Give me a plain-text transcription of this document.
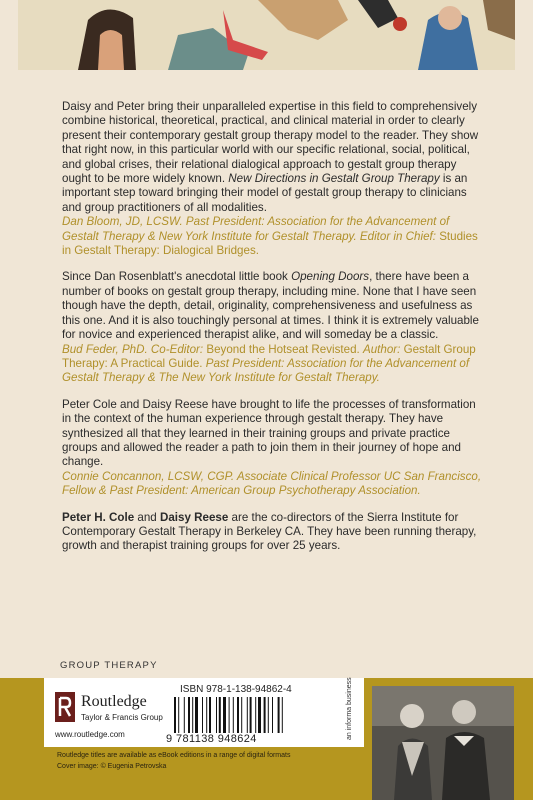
Daisy and Peter bring their unparalleled expertise in this field to comprehensively combine historical, theoretical, practical, and clinical material in order to clearly present their contemporary gestalt group therapy model to the reader. They show that right now, in this particular world with our specific relational, social, political, and global crises, their relational dialogical approach to gestalt group therapy ought to be more widely known. New Directions in Gestalt Group Therapy is an important step toward bringing their model of gestalt group therapy to clinicians and group practitioners of all modalities.

Dan Bloom, JD, LCSW. Past President: Association for the Advancement of Gestalt Therapy & New York Institute for Gestalt Therapy. Editor in Chief: Studies in Gestalt Therapy: Dialogical Bridges.

Since Dan Rosenblatt's anecdotal little book Opening Doors, there have been a number of books on gestalt group therapy, including mine. None that I have seen though have the depth, detail, originality, comprehensiveness and usefulness as this one. And it is also touchingly personal at times. I think it is extremely valuable for novice and experienced therapist alike, and will someday be a classic.

Bud Feder, PhD. Co-Editor: Beyond the Hotseat Revisted. Author: Gestalt Group Therapy: A Practical Guide. Past President: Association for the Advancement of Gestalt Therapy & The New York Institute for Gestalt Therapy.

Peter Cole and Daisy Reese have brought to life the processes of transformation in the context of the human experience through gestalt therapy. They have synthesized all that they learned in their training groups and private practice groups and allowed the reader a path to join them in their journey of hope and change.

Connie Concannon, LCSW, CGP. Associate Clinical Professor UC San Francisco, Fellow & Past President: American Group Psychotherapy Association.

Peter H. Cole and Daisy Reese are the co-directors of the Sierra Institute for Contemporary Gestalt Therapy in Berkeley CA. They have been running therapy, growth and therapist training groups for over 25 years.

GROUP THERAPY
Routledge
Taylor & Francis Group
www.routledge.com
ISBN 978-1-138-94862-4
9 781138 948624	an informa business
Routledge titles are available as eBook editions in a range of digital formats
Cover image: © Eugenia Petrovska
